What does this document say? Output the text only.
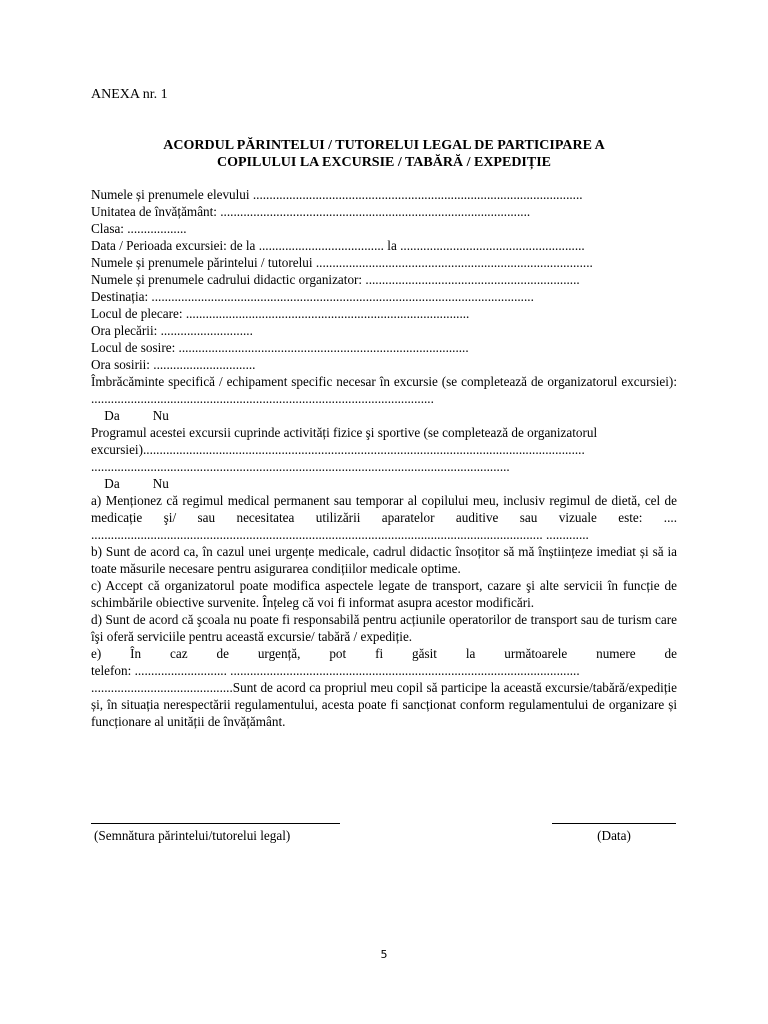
ANEXA nr. 1
ACORDUL PĂRINTELUI / TUTORELUI LEGAL DE PARTICIPARE A
COPILULUI LA EXCURSIE / TABĂRĂ / EXPEDIȚIE

Numele și prenumele elevului ....................................................................................................

Unitatea de învățământ: ..............................................................................................

Clasa: ..................

Data / Perioada excursiei: de la ...................................... la ........................................................

Numele și prenumele părintelui / tutorelui ....................................................................................

Numele și prenumele cadrului didactic organizator: .................................................................

Destinația: ....................................................................................................................

Locul de plecare: ......................................................................................

Ora plecării: ............................

Locul de sosire: ........................................................................................

Ora sosirii: ...............................

Îmbrăcăminte specifică / echipament specific necesar în excursie (se completează de organizatorul excursiei): ........................................................................................................

Da        Nu

Programul acestei excursii cuprinde activități fizice şi sportive (se completează de organizatorul

excursiei)......................................................................................................................................

...............................................................................................................................

Da        Nu

a) Menționez că regimul medical permanent sau temporar al copilului meu, inclusiv regimul de dietă, cel de medicație şi/ sau necesitatea utilizării aparatelor auditive sau vizuale este: .... ......................................................................................................................................... .............

b) Sunt de acord ca, în cazul unei urgențe medicale, cadrul didactic însoțitor să mă înștiințeze imediat și să ia toate măsurile necesare pentru asigurarea condițiilor medicale optime.

c) Accept că organizatorul poate modifica aspectele legate de transport, cazare şi alte servicii în funcție de schimbările obiective survenite. Înțeleg că voi fi informat asupra acestor modificări.

d) Sunt de acord că şcoala nu poate fi responsabilă pentru acțiunile operatorilor de transport sau de turism care îşi oferă serviciile pentru această excursie/ tabără / expediție.

e) În caz de urgență, pot fi găsit la următoarele numere de

telefon: ............................ ..........................................................................................................

...........................................Sunt de acord ca propriul meu copil să participe la această excursie/tabără/expediție și, în situația nerespectării regulamentului, acesta poate fi sancționat conform regulamentului de organizare și funcționare al unității de învățământ.

(Semnătura părintelui/tutorelui legal)	(Data)
5
